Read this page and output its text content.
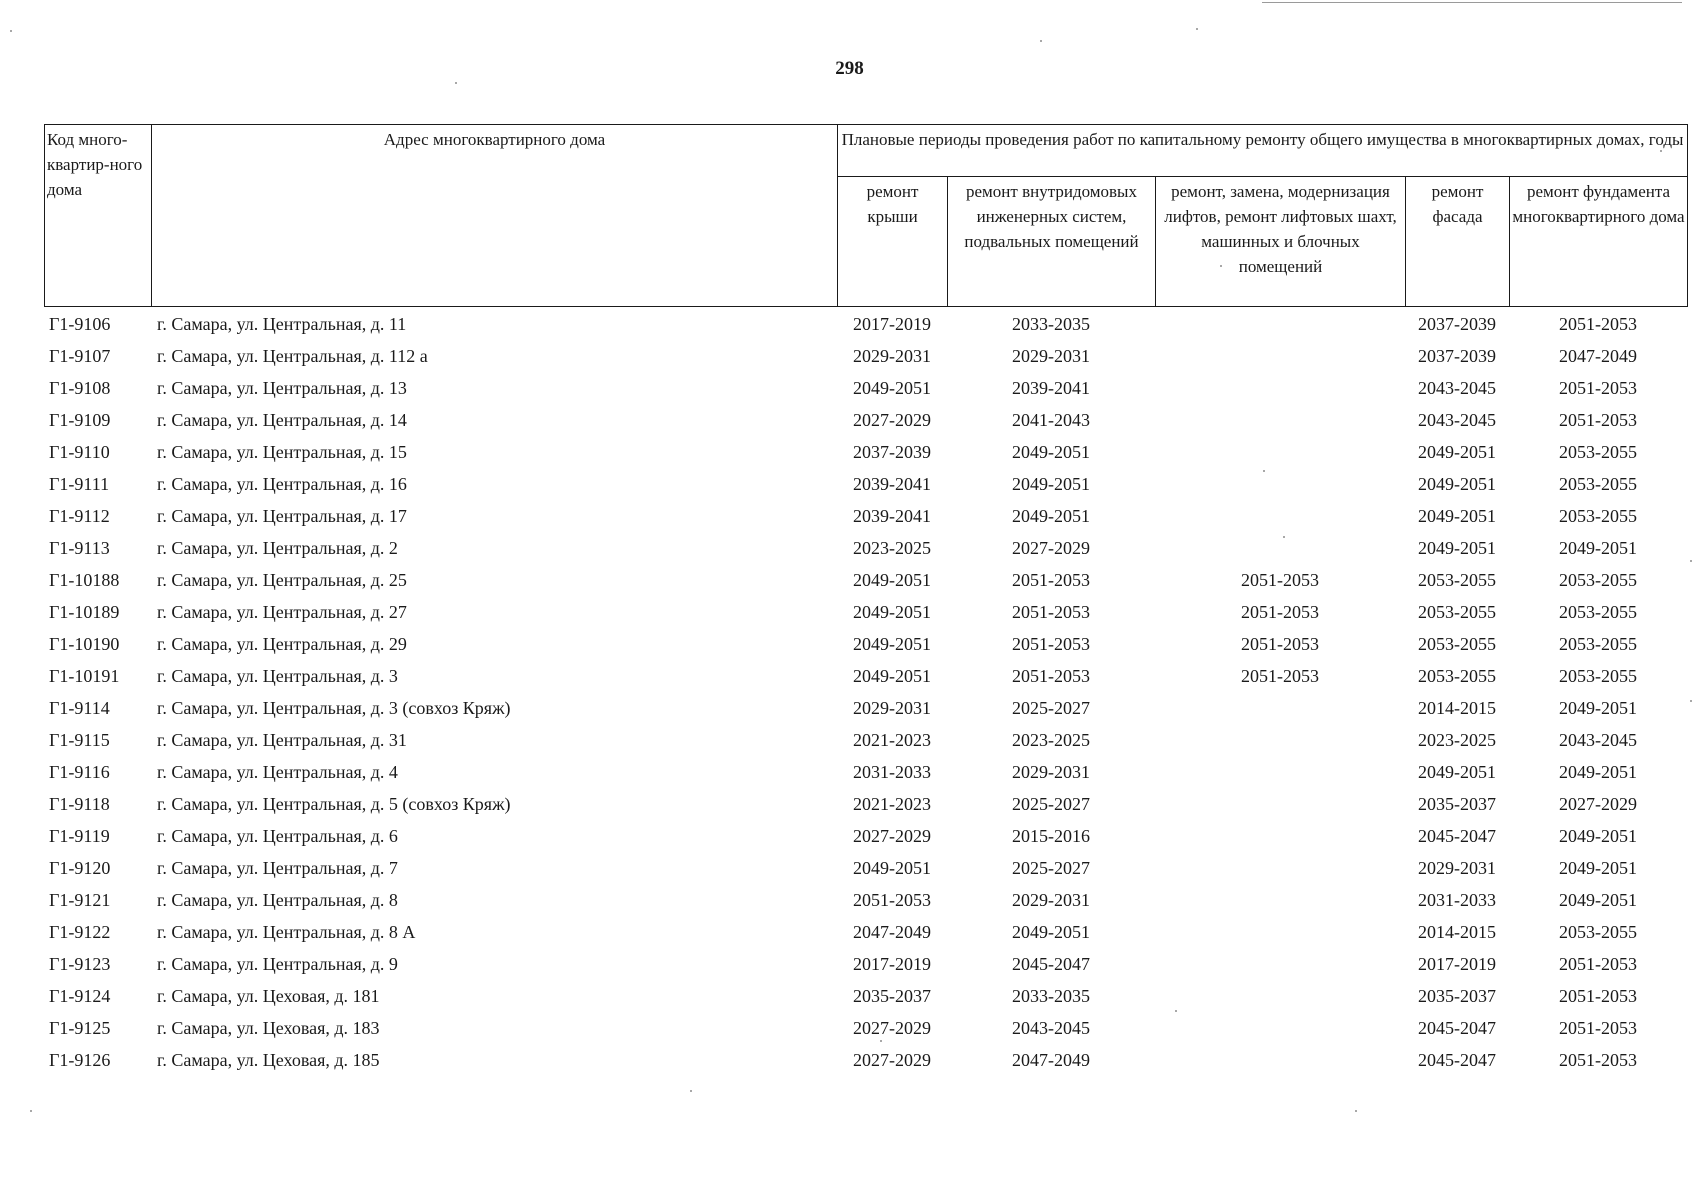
298
Код много-квартир-ного дома	Адрес многоквартирного дома	Плановые периоды проведения работ по капитальному ремонту общего имущества в многоквартирных домах, годы				
		ремонт крыши	ремонт внутридомовых инженерных систем, подвальных помещений	ремонт, замена, модернизация лифтов, ремонт лифтовых шахт, машинных и блочных помещений	ремонт фасада	ремонт фундамента многоквартирного дома
Г1-9106	г. Самара, ул. Центральная, д. 11	2017-2019	2033-2035		2037-2039	2051-2053
Г1-9107	г. Самара, ул. Центральная, д. 112 а	2029-2031	2029-2031		2037-2039	2047-2049
Г1-9108	г. Самара, ул. Центральная, д. 13	2049-2051	2039-2041		2043-2045	2051-2053
Г1-9109	г. Самара, ул. Центральная, д. 14	2027-2029	2041-2043		2043-2045	2051-2053
Г1-9110	г. Самара, ул. Центральная, д. 15	2037-2039	2049-2051		2049-2051	2053-2055
Г1-9111	г. Самара, ул. Центральная, д. 16	2039-2041	2049-2051		2049-2051	2053-2055
Г1-9112	г. Самара, ул. Центральная, д. 17	2039-2041	2049-2051		2049-2051	2053-2055
Г1-9113	г. Самара, ул. Центральная, д. 2	2023-2025	2027-2029		2049-2051	2049-2051
Г1-10188	г. Самара, ул. Центральная, д. 25	2049-2051	2051-2053	2051-2053	2053-2055	2053-2055
Г1-10189	г. Самара, ул. Центральная, д. 27	2049-2051	2051-2053	2051-2053	2053-2055	2053-2055
Г1-10190	г. Самара, ул. Центральная, д. 29	2049-2051	2051-2053	2051-2053	2053-2055	2053-2055
Г1-10191	г. Самара, ул. Центральная, д. 3	2049-2051	2051-2053	2051-2053	2053-2055	2053-2055
Г1-9114	г. Самара, ул. Центральная, д. 3 (совхоз Кряж)	2029-2031	2025-2027		2014-2015	2049-2051
Г1-9115	г. Самара, ул. Центральная, д. 31	2021-2023	2023-2025		2023-2025	2043-2045
Г1-9116	г. Самара, ул. Центральная, д. 4	2031-2033	2029-2031		2049-2051	2049-2051
Г1-9118	г. Самара, ул. Центральная, д. 5 (совхоз Кряж)	2021-2023	2025-2027		2035-2037	2027-2029
Г1-9119	г. Самара, ул. Центральная, д. 6	2027-2029	2015-2016		2045-2047	2049-2051
Г1-9120	г. Самара, ул. Центральная, д. 7	2049-2051	2025-2027		2029-2031	2049-2051
Г1-9121	г. Самара, ул. Центральная, д. 8	2051-2053	2029-2031		2031-2033	2049-2051
Г1-9122	г. Самара, ул. Центральная, д. 8 А	2047-2049	2049-2051		2014-2015	2053-2055
Г1-9123	г. Самара, ул. Центральная, д. 9	2017-2019	2045-2047		2017-2019	2051-2053
Г1-9124	г. Самара, ул. Цеховая, д. 181	2035-2037	2033-2035		2035-2037	2051-2053
Г1-9125	г. Самара, ул. Цеховая, д. 183	2027-2029	2043-2045		2045-2047	2051-2053
Г1-9126	г. Самара, ул. Цеховая, д. 185	2027-2029	2047-2049		2045-2047	2051-2053
